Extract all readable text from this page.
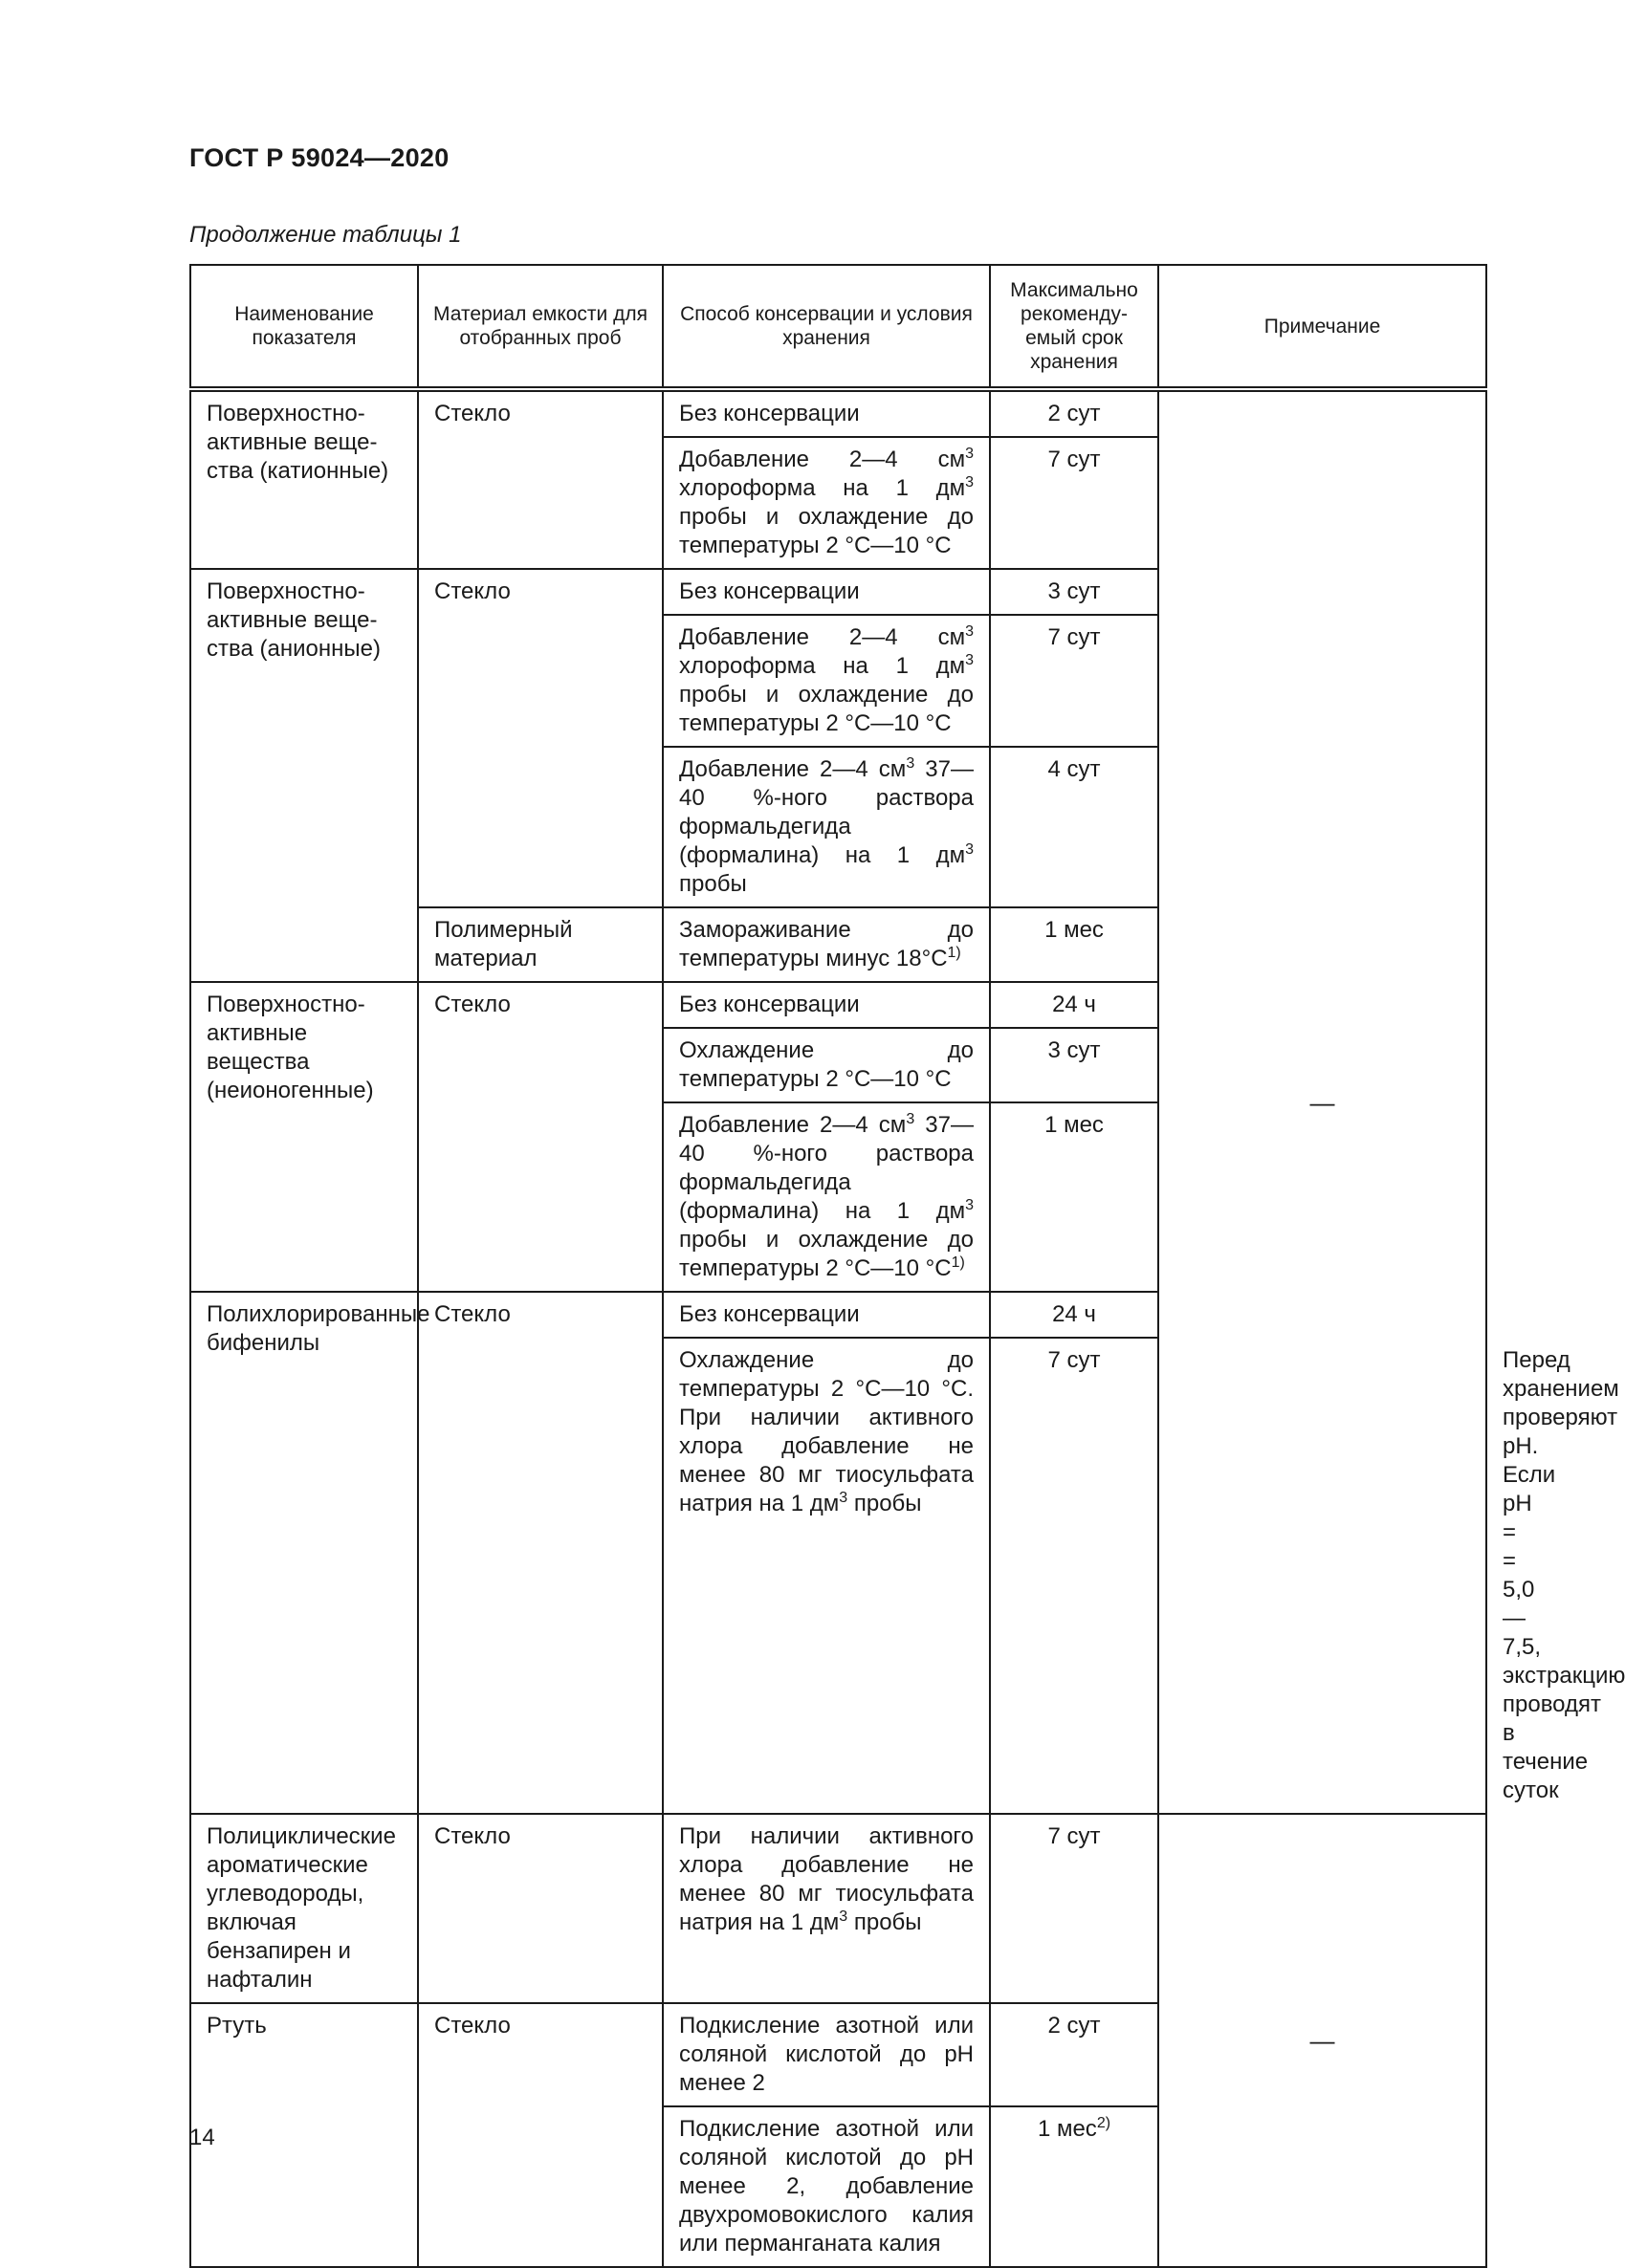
ГОСТ Р 59024—2020
Продолжение таблицы 1
Наименование показателя	Материал емкости для отобранных проб	Способ консервации и условия хранения	Максимально рекоменду-емый срок хранения	Примечание	
Поверхностно-активные веще-ства (катионные)	Стекло	Без консервации	2 сут	—	
		Добавление 2—4 $см^3$ хлороформа на 1 $дм^3$ пробы и охлаждение до температуры 2 °С—10 °С	7 сут		
Поверхностно-активные веще-ства (анионные)	Стекло	Без консервации	3 сут		
		Добавление 2—4 $см^3$ хлороформа на 1 $дм^3$ пробы и охлаждение до температуры 2 °С—10 °С	7 сут		
		Добавление 2—4 $см^3$ 37—40 %-ного раствора формальдегида (формалина) на 1 $дм^3$ пробы	4 сут		
	Полимерный материал	Замораживание до температуры минус $18^\circ С^{1)}$	1 мес		
Поверхностно-активные вещества (неионогенные)	Стекло	Без консервации	24 ч		
		Охлаждение до температуры 2 °С—10 °С	3 сут		
		Добавление 2—4 $см^3$ 37—40 %-ного раствора формальдегида (формалина) на 1 $дм^3$ пробы и охлаждение до температуры 2 °С—10 $^\circ С^{1)}$	1 мес		
Полихлорированные бифенилы	Стекло	Без консервации	24 ч		
		Охлаждение до температуры 2 °С—10 °С. При наличии активного хлора добавление не менее 80 мг тиосульфата натрия на 1 $дм^3$ пробы	7 сут		Перед хранением проверяют рН. Если рН = = 5,0—7,5, экстракцию проводят в течение суток
Полициклические ароматические углеводороды, включая бензапирен и нафталин	Стекло	При наличии активного хлора добавление не менее 80 мг тиосульфата натрия на 1 $дм^3$ пробы	7 сут	—	
Ртуть	Стекло	Подкисление азотной или соляной кислотой до рН менее 2	2 сут		
		Подкисление азотной или соляной кислотой до рН менее 2, добавление двухромовокислого калия или перманганата калия	1 мес$^{2)}$
14
